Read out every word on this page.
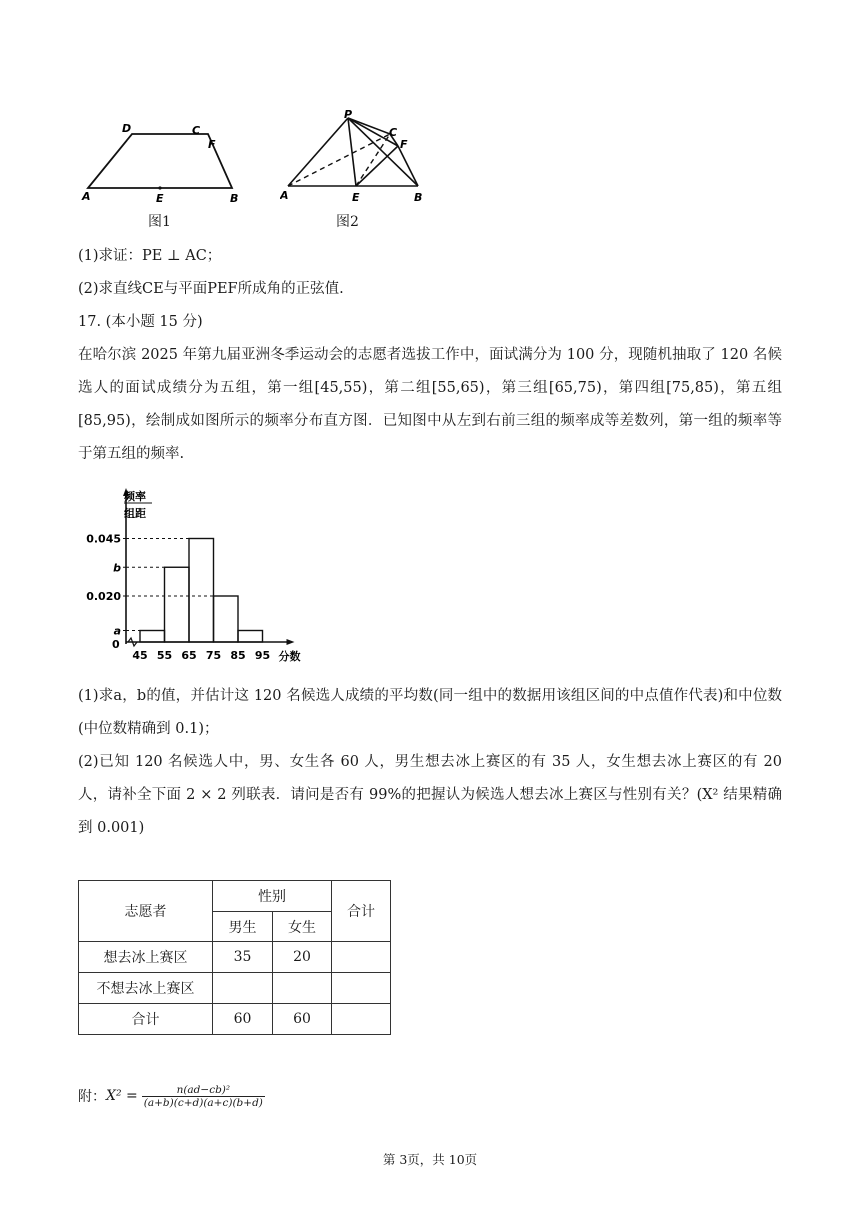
D	C
F
A	E	B
图1
P
C
F
A	E	B
图2
(1)求证：PE ⊥ AC；
(2)求直线CE与平面PEF所成角的正弦值.
17. (本小题 15 分)
在哈尔滨 2025 年第九届亚洲冬季运动会的志愿者选拔工作中，面试满分为 100 分，现随机抽取了 120 名候选人的面试成绩分为五组，第一组[45,55)，第二组[55,65)，第三组[65,75)，第四组[75,85)，第五组[85,95)，绘制成如图所示的频率分布直方图．已知图中从左到右前三组的频率成等差数列，第一组的频率等于第五组的频率.
频率
组距
0.045
b
0.020
a
0
45 55 65 75 85 95 分数
(1)求a，b的值，并估计这 120 名候选人成绩的平均数(同一组中的数据用该组区间的中点值作代表)和中位数(中位数精确到 0.1)；
(2)已知 120 名候选人中，男、女生各 60 人，男生想去冰上赛区的有 35 人，女生想去冰上赛区的有 20 人，请补全下面 2 × 2 列联表．请问是否有 99%的把握认为候选人想去冰上赛区与性别有关？(X² 结果精确到 0.001)
志愿者	性别		合计
	男生	女生	
想去冰上赛区	35	20	
不想去冰上赛区			
合计	60	60	
附： $X^2 = \frac{\text{n(ad−cb)²}}{(a+b)(c+d)(a+c)(b+d)}$
第 3页，共 10页
